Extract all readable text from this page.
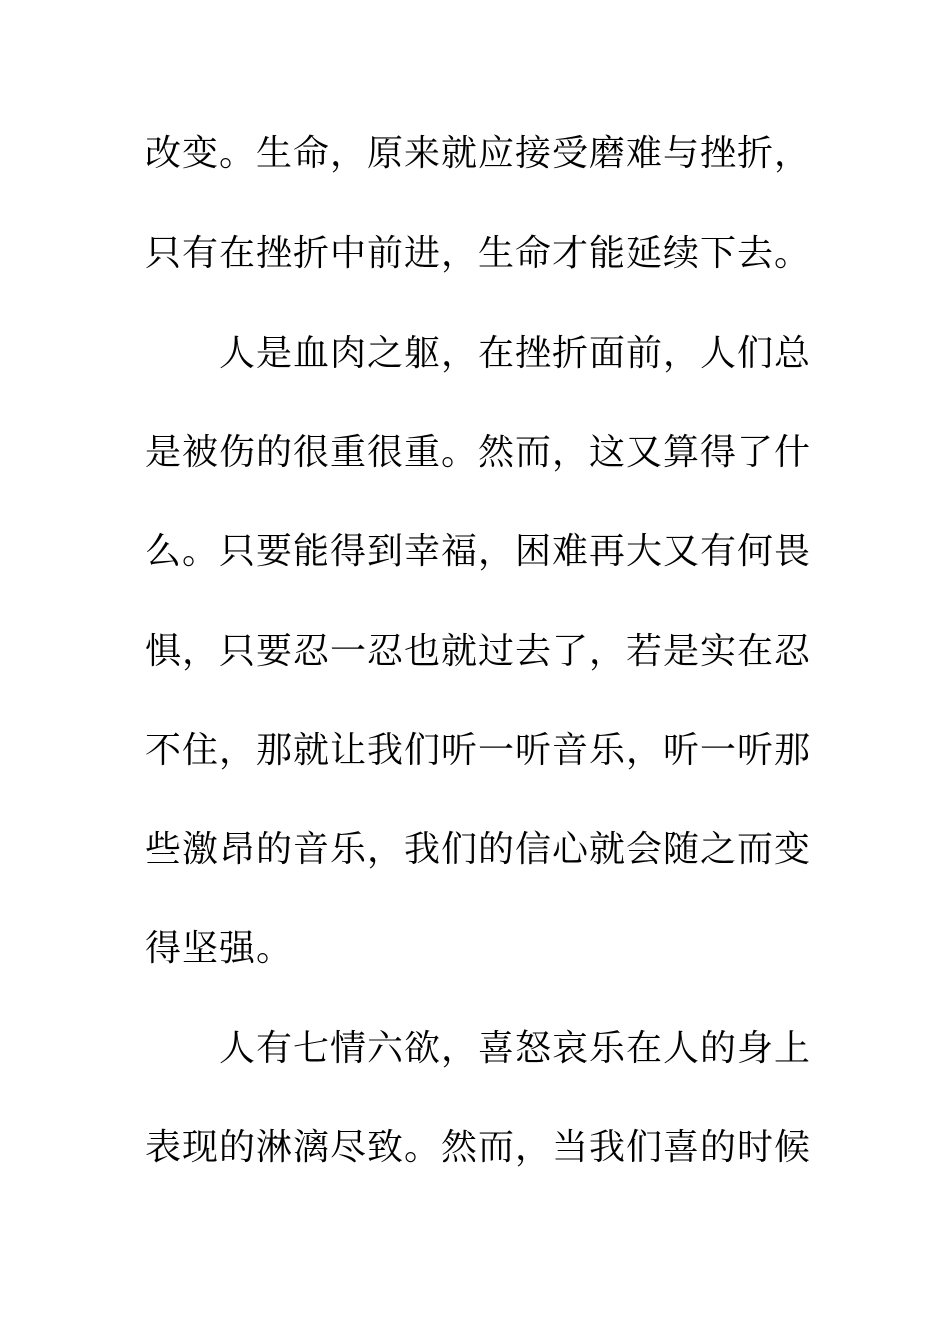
改变。生命，原来就应接受磨难与挫折，
只有在挫折中前进，生命才能延续下去。
人是血肉之躯，在挫折面前，人们总
是被伤的很重很重。然而，这又算得了什
么。只要能得到幸福，困难再大又有何畏
惧，只要忍一忍也就过去了，若是实在忍
不住，那就让我们听一听音乐，听一听那
些激昂的音乐，我们的信心就会随之而变
得坚强。
人有七情六欲，喜怒哀乐在人的身上
表现的淋漓尽致。然而，当我们喜的时候
